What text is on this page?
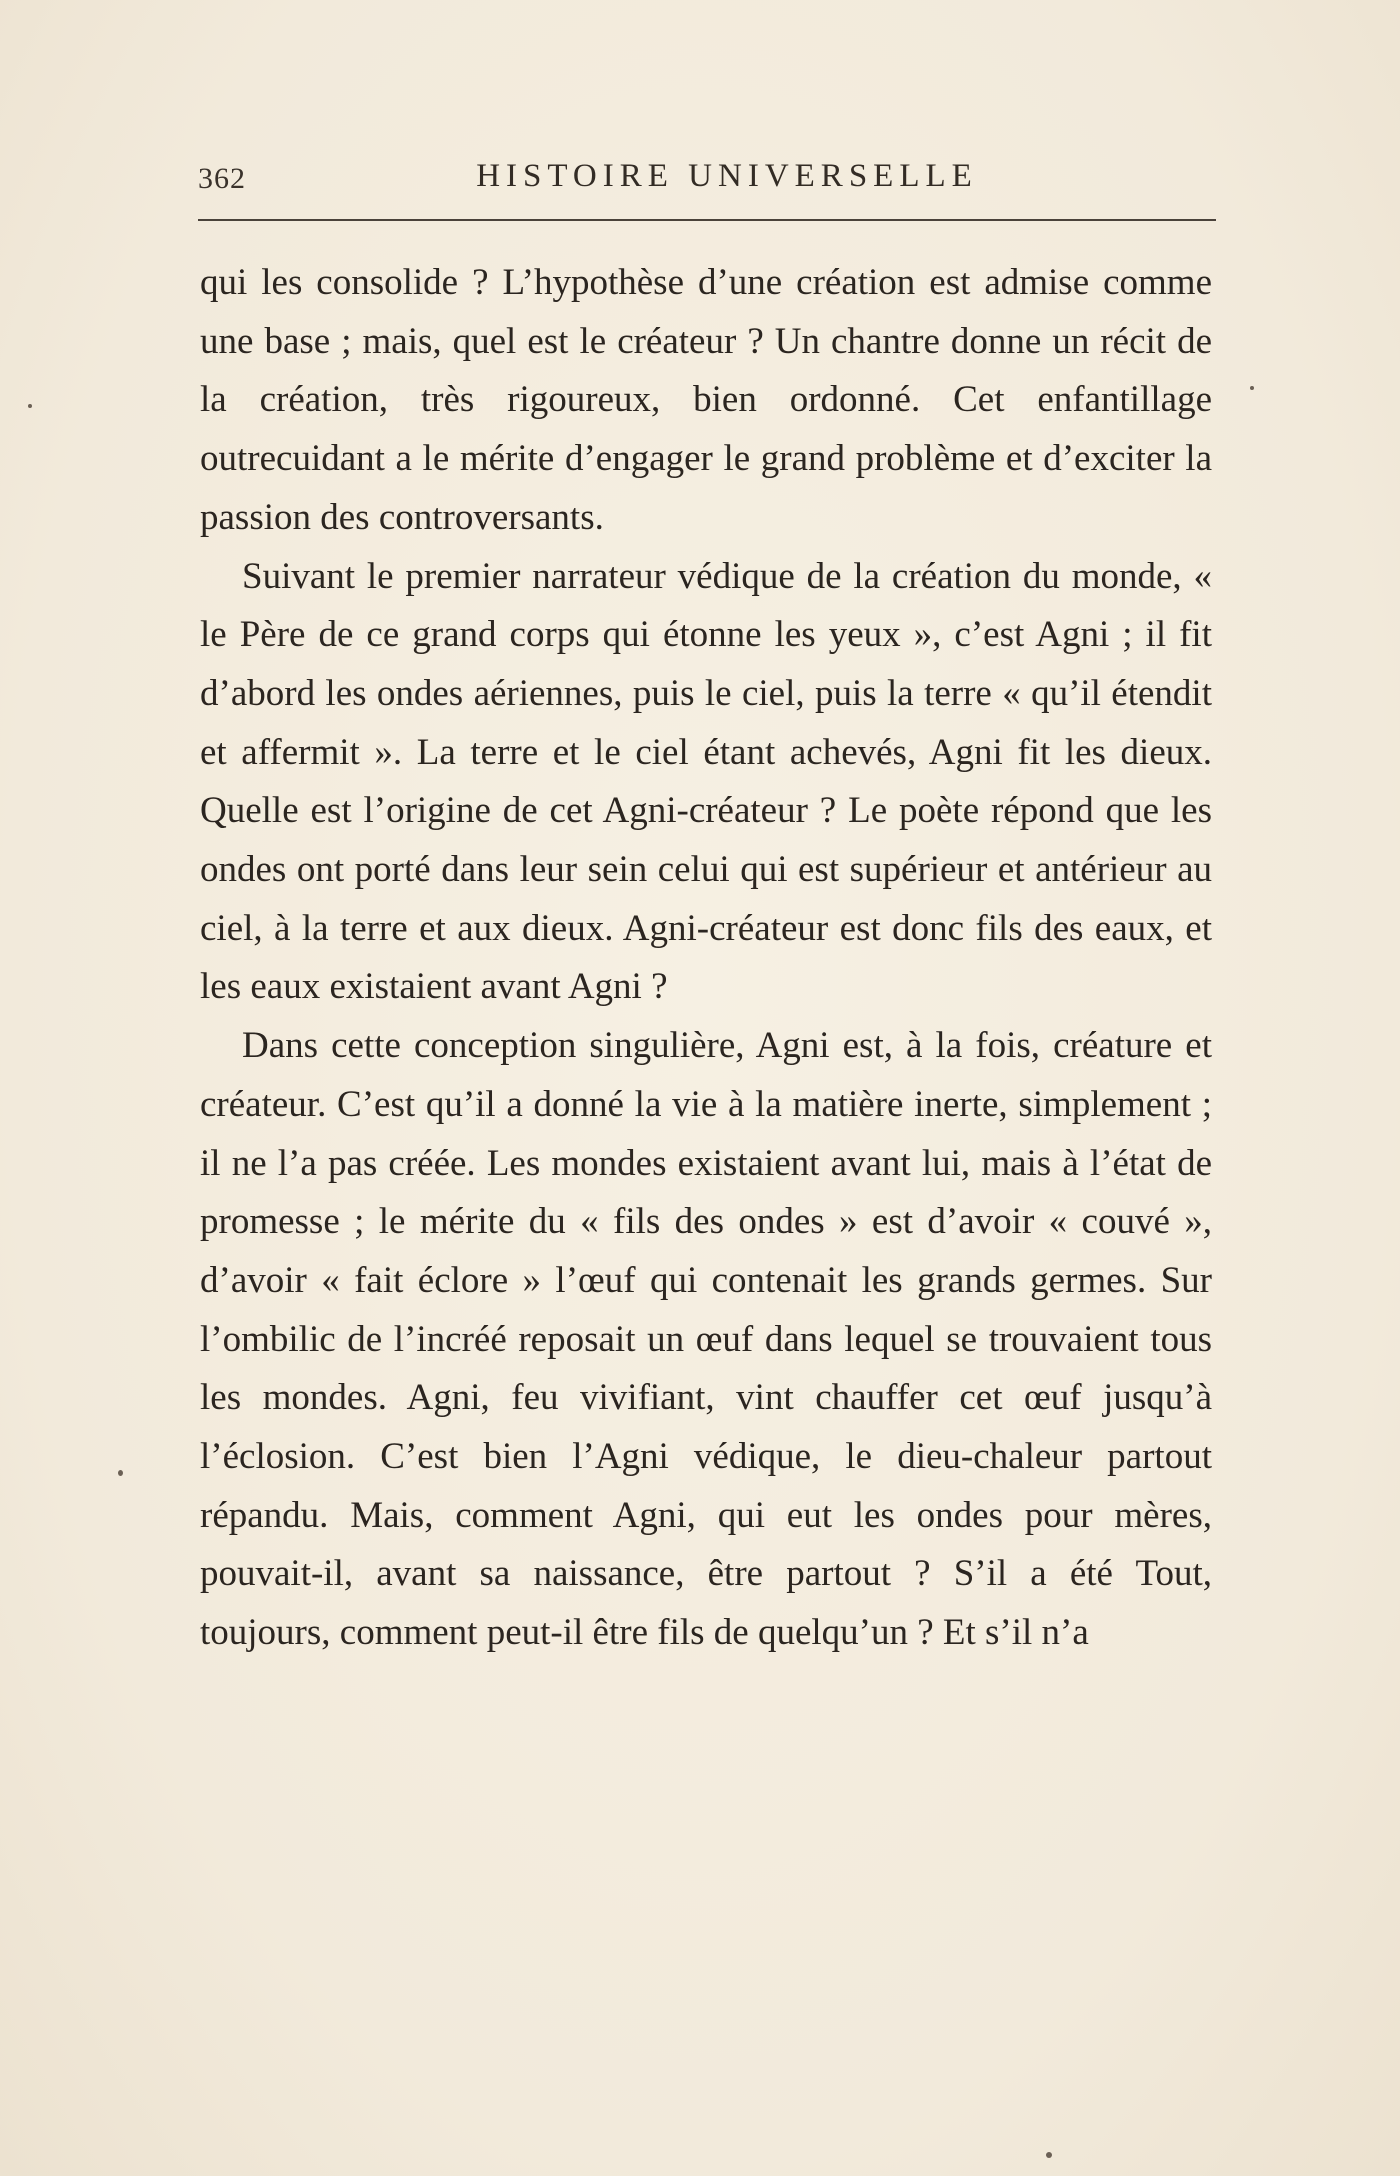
362	HISTOIRE UNIVERSELLE

qui les consolide ? L’hypothèse d’une création est admise comme une base ; mais, quel est le créateur ? Un chantre donne un récit de la création, très rigoureux, bien ordonné. Cet enfantillage outrecuidant a le mérite d’engager le grand problème et d’exciter la passion des controversants.

Suivant le premier narrateur védique de la création du monde, « le Père de ce grand corps qui étonne les yeux », c’est Agni ; il fit d’abord les ondes aériennes, puis le ciel, puis la terre « qu’il étendit et affermit ». La terre et le ciel étant achevés, Agni fit les dieux. Quelle est l’origine de cet Agni-créateur ? Le poète répond que les ondes ont porté dans leur sein celui qui est supérieur et antérieur au ciel, à la terre et aux dieux. Agni-créateur est donc fils des eaux, et les eaux existaient avant Agni ?

Dans cette conception singulière, Agni est, à la fois, créature et créateur. C’est qu’il a donné la vie à la matière inerte, simplement ; il ne l’a pas créée. Les mondes existaient avant lui, mais à l’état de promesse ; le mérite du « fils des ondes » est d’avoir « couvé », d’avoir « fait éclore » l’œuf qui contenait les grands germes. Sur l’ombilic de l’incréé reposait un œuf dans lequel se trouvaient tous les mondes. Agni, feu vivifiant, vint chauffer cet œuf jusqu’à l’éclosion. C’est bien l’Agni védique, le dieu-chaleur partout répandu. Mais, comment Agni, qui eut les ondes pour mères, pouvait-il, avant sa naissance, être partout ? S’il a été Tout, toujours, comment peut-il être fils de quelqu’un ? Et s’il n’a
